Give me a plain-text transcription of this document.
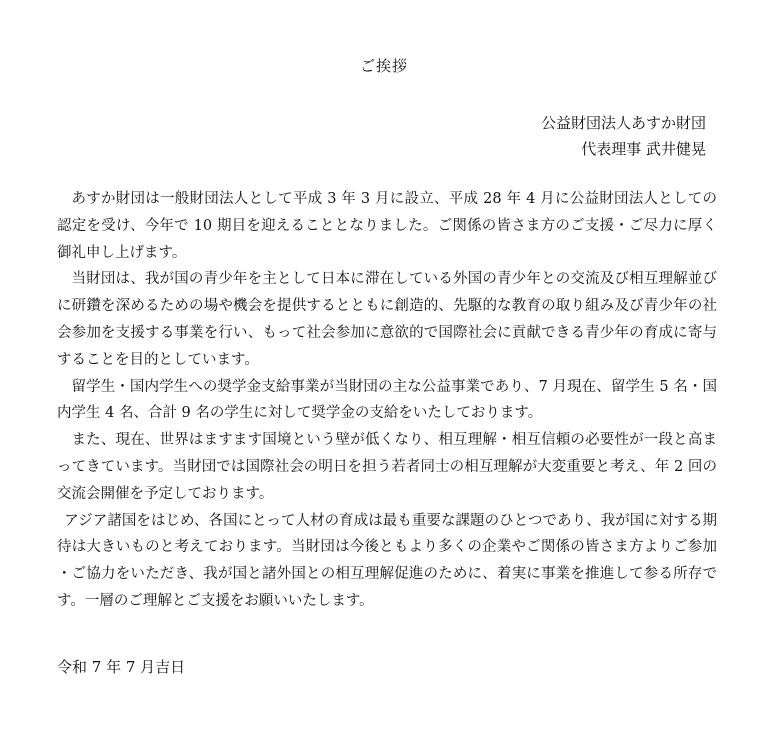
ご挨拶
公益財団法人あすか財団
代表理事 武井健晃

あすか財団は一般財団法人として平成 3 年 3 月に設立、平成 28 年 4 月に公益財団法人としての認定を受け、今年で 10 期目を迎えることとなりました。ご関係の皆さま方のご支援・ご尽力に厚く御礼申し上げます。

当財団は、我が国の青少年を主として日本に滞在している外国の青少年との交流及び相互理解並びに研鑽を深めるための場や機会を提供するとともに創造的、先駆的な教育の取り組み及び青少年の社会参加を支援する事業を行い、もって社会参加に意欲的で国際社会に貢献できる青少年の育成に寄与することを目的としています。

留学生・国内学生への奨学金支給事業が当財団の主な公益事業であり、7 月現在、留学生 5 名・国内学生 4 名、合計 9 名の学生に対して奨学金の支給をいたしております。

また、現在、世界はますます国境という壁が低くなり、相互理解・相互信頼の必要性が一段と高まってきています。当財団では国際社会の明日を担う若者同士の相互理解が大変重要と考え、年 2 回の交流会開催を予定しております。

アジア諸国をはじめ、各国にとって人材の育成は最も重要な課題のひとつであり、我が国に対する期待は大きいものと考えております。当財団は今後ともより多くの企業やご関係の皆さま方よりご参加・ご協力をいただき、我が国と諸外国との相互理解促進のために、着実に事業を推進して参る所存です。一層のご理解とご支援をお願いいたします。

令和 7 年 7 月吉日
